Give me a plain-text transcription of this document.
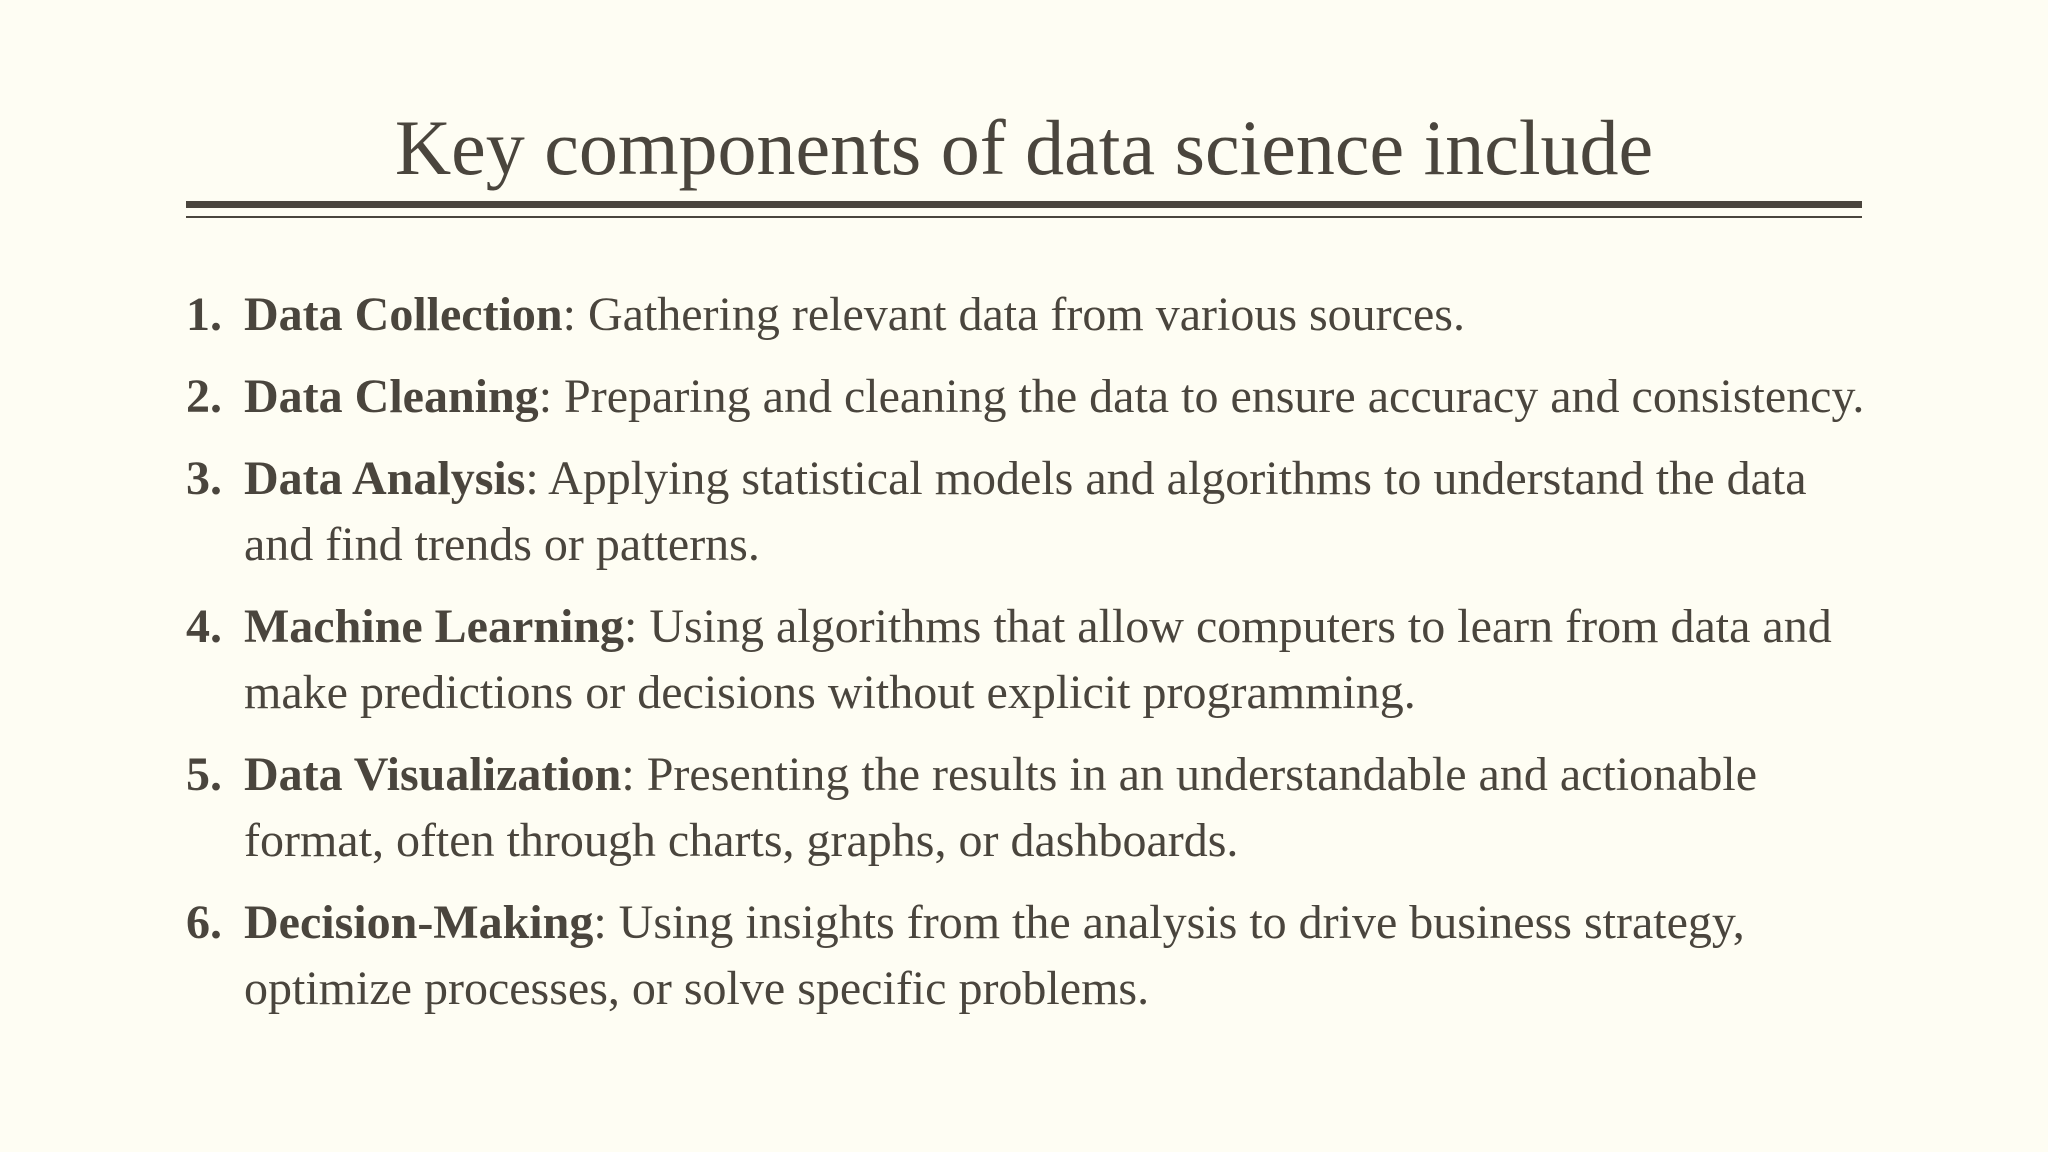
Key components of data science include
1. Data Collection: Gathering relevant data from various sources.
2. Data Cleaning: Preparing and cleaning the data to ensure accuracy and consistency.
3. Data Analysis: Applying statistical models and algorithms to understand the data and find trends or patterns.
4. Machine Learning: Using algorithms that allow computers to learn from data and make predictions or decisions without explicit programming.
5. Data Visualization: Presenting the results in an understandable and actionable format, often through charts, graphs, or dashboards.
6. Decision-Making: Using insights from the analysis to drive business strategy, optimize processes, or solve specific problems.
